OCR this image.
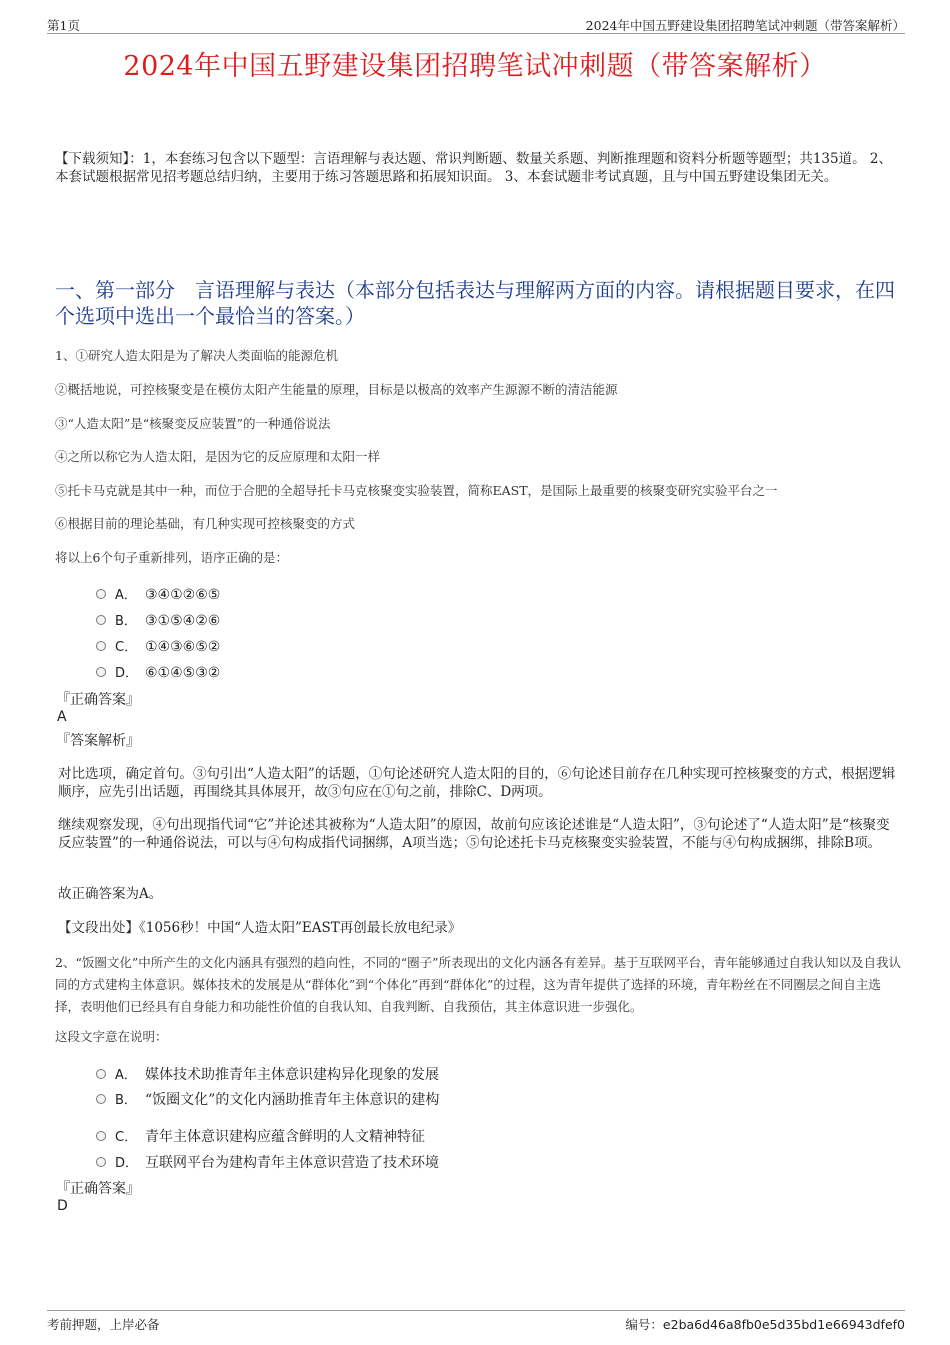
第1页	2024年中国五野建设集团招聘笔试冲刺题（带答案解析）
2024年中国五野建设集团招聘笔试冲刺题（带答案解析）
【下载须知】：1，本套练习包含以下题型：言语理解与表达题、常识判断题、数量关系题、判断推理题和资料分析题等题型；共135道。 2、本套试题根据常见招考题总结归纳，主要用于练习答题思路和拓展知识面。 3、本套试题非考试真题，且与中国五野建设集团无关。
一、第一部分　言语理解与表达（本部分包括表达与理解两方面的内容。请根据题目要求，在四个选项中选出一个最恰当的答案。）
1、①研究人造太阳是为了解决人类面临的能源危机
②概括地说，可控核聚变是在模仿太阳产生能量的原理，目标是以极高的效率产生源源不断的清洁能源
③“人造太阳”是“核聚变反应装置”的一种通俗说法
④之所以称它为人造太阳，是因为它的反应原理和太阳一样
⑤托卡马克就是其中一种，而位于合肥的全超导托卡马克核聚变实验装置，简称EAST，是国际上最重要的核聚变研究实验平台之一
⑥根据目前的理论基础，有几种实现可控核聚变的方式
将以上6个句子重新排列，语序正确的是：
A． ③④①②⑥⑤
B． ③①⑤④②⑥
C． ①④③⑥⑤②
D． ⑥①④⑤③②
『正确答案』
A
『答案解析』
对比选项，确定首句。③句引出“人造太阳”的话题，①句论述研究人造太阳的目的，⑥句论述目前存在几种实现可控核聚变的方式，根据逻辑顺序，应先引出话题，再围绕其具体展开，故③句应在①句之前，排除C、D两项。
继续观察发现，④句出现指代词“它”并论述其被称为“人造太阳”的原因，故前句应该论述谁是“人造太阳”，③句论述了“人造太阳”是“核聚变反应装置”的一种通俗说法，可以与④句构成指代词捆绑，A项当选；⑤句论述托卡马克核聚变实验装置，不能与④句构成捆绑，排除B项。
故正确答案为A。
【文段出处】《1056秒！中国“人造太阳”EAST再创最长放电纪录》
2、“饭圈文化”中所产生的文化内涵具有强烈的趋向性，不同的“圈子”所表现出的文化内涵各有差异。基于互联网平台，青年能够通过自我认知以及自我认同的方式建构主体意识。媒体技术的发展是从“群体化”到“个体化”再到“群体化”的过程，这为青年提供了选择的环境，青年粉丝在不同圈层之间自主选择，表明他们已经具有自身能力和功能性价值的自我认知、自我判断、自我预估，其主体意识进一步强化。
这段文字意在说明：
A． 媒体技术助推青年主体意识建构异化现象的发展
B． “饭圈文化”的文化内涵助推青年主体意识的建构
C． 青年主体意识建构应蕴含鲜明的人文精神特征
D． 互联网平台为建构青年主体意识营造了技术环境
『正确答案』
D
考前押题，上岸必备	编号：e2ba6d46a8fb0e5d35bd1e66943dfef0
